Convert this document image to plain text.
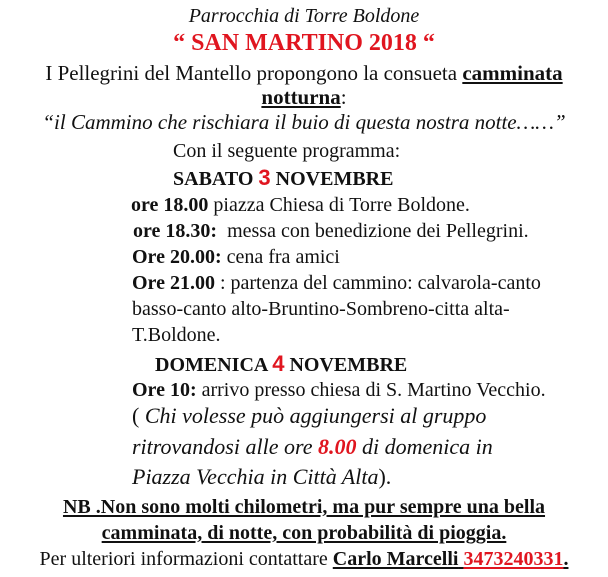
Parrocchia di Torre Boldone
“ SAN MARTINO 2018 “
I Pellegrini del Mantello propongono la consueta camminata
notturna:
“il Cammino che rischiara il buio di questa nostra notte……”
Con il seguente programma:
SABATO 3 NOVEMBRE
ore 18.00 piazza Chiesa di Torre Boldone.
ore 18.30:  messa con benedizione dei Pellegrini.
Ore 20.00: cena fra amici
Ore 21.00 : partenza del cammino: calvarola-canto
basso-canto alto-Bruntino-Sombreno-citta alta-
T.Boldone.
DOMENICA 4 NOVEMBRE
Ore 10: arrivo presso chiesa di S. Martino Vecchio.
( Chi volesse può aggiungersi al gruppo
ritrovandosi alle ore 8.00 di domenica in
Piazza Vecchia in Città Alta).
NB .Non sono molti chilometri, ma pur sempre una bella
camminata, di notte, con probabilità di pioggia.
Per ulteriori informazioni contattare Carlo Marcelli 3473240331.
